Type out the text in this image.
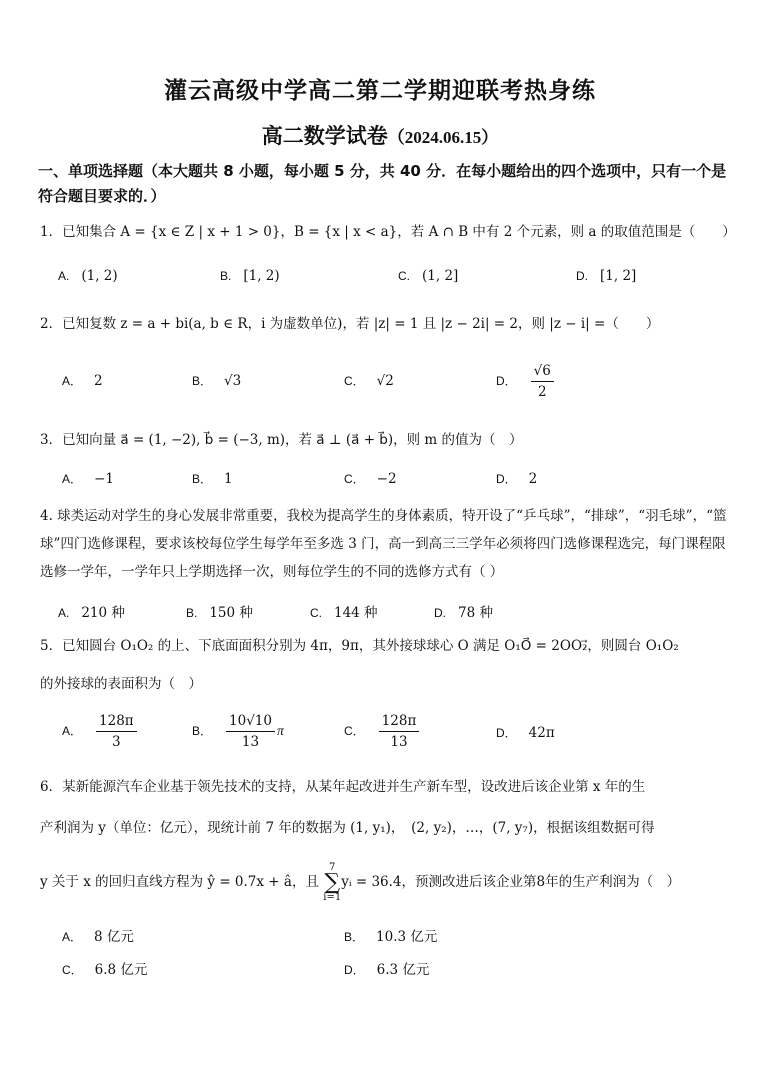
灌云高级中学高二第二学期迎联考热身练
高二数学试卷（2024.06.15）
一、单项选择题（本大题共 8 小题，每小题 5 分，共 40 分．在每小题给出的四个选项中，只有一个是符合题目要求的．）
1．已知集合 A = {x ∈ Z | x + 1 > 0}，B = {x | x < a}，若 A ∩ B 中有 2 个元素，则 a 的取值范围是（　　）
A. (1, 2)	B. [1, 2)	C. (1, 2]	D. [1, 2]
2．已知复数 z = a + bi(a, b ∈ R，i 为虚数单位)，若 |z| = 1 且 |z − 2i| = 2，则 |z − i| =（　　）
A． 2	B． √3	C． √2	D． $\frac{√6}{2}$
3．已知向量 a⃗ = (1, −2), b⃗ = (−3, m)，若 a⃗ ⊥ (a⃗ + b⃗)，则 m 的值为（　）
A． −1	B． 1	C． −2	D． 2
4. 球类运动对学生的身心发展非常重要，我校为提高学生的身体素质，特开设了“乒乓球”，“排球”，“羽毛球”，“篮球”四门选修课程，要求该校每位学生每学年至多选 3 门，高一到高三三学年必须将四门选修课程选完，每门课程限选修一学年，一学年只上学期选择一次，则每位学生的不同的选修方式有（ ）
A. 210 种	B. 150 种	C. 144 种	D. 78 种
5．已知圆台 O₁O₂ 的上、下底面面积分别为 4π，9π，其外接球球心 O 满足 O₁O⃗ = 2OO₂⃗，则圆台 O₁O₂
的外接球的表面积为（　）
A． $\frac{128\pi}{3}$	B． $\frac{10√10}{13}$ π	C． $\frac{128\pi}{13}$	D． 42π
6．某新能源汽车企业基于领先技术的支持，从某年起改进并生产新车型，设改进后该企业第 x 年的生
产利润为 y（单位：亿元），现统计前 7 年的数据为 (1, y₁)，　(2, y₂)，…，(7, y₇)，根据该组数据可得
y 关于 x 的回归直线方程为 ŷ = 0.7x + â，且
7
∑
i=1
yᵢ = 36.4，预测改进后该企业第8年的生产利润为（　）
A． 8 亿元	B． 10.3 亿元
C． 6.8 亿元	D． 6.3 亿元
